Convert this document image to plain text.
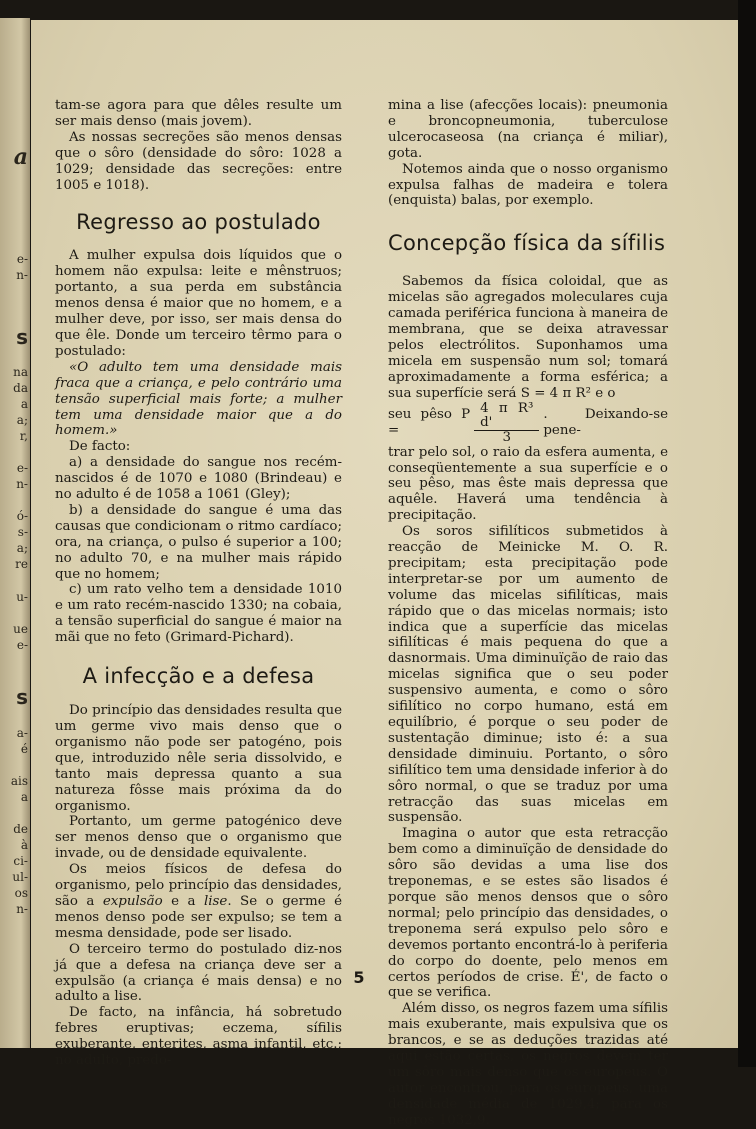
a
e-
n-
s
na
da
a
a;
r,
e-
n-
ó-
s-
a;
re
u-
ue
e-
s
a-
é
ais
a
de
à
ci-
ul-
os
n-

tam-se agora para que dêles resulte um ser mais denso (mais jovem).

As nossas secreções são menos densas que o sôro (densidade do sôro: 1028 a 1029; densidade das secreções: entre 1005 e 1018).

Regresso ao postulado

A mulher expulsa dois líquidos que o homem não expulsa: leite e mênstruos; portanto, a sua perda em substância menos densa é maior que no homem, e a mulher deve, por isso, ser mais densa do que êle. Donde um terceiro têrmo para o postulado:

«O adulto tem uma densidade mais fraca que a criança, e pelo contrário uma tensão superficial mais forte; a mulher tem uma densidade maior que a do homem.»

De facto:

a) a densidade do sangue nos recém-nascidos é de 1070 e 1080 (Brindeau) e no adulto é de 1058 a 1061 (Gley);

b) a densidade do sangue é uma das causas que condicionam o ritmo cardíaco; ora, na criança, o pulso é superior a 100; no adulto 70, e na mulher mais rápido que no homem;

c) um rato velho tem a densidade 1010 e um rato recém-nascido 1330; na cobaia, a tensão superficial do sangue é maior na mãi que no feto (Grimard-Pichard).

A infecção e a defesa

Do princípio das densidades resulta que um germe vivo mais denso que o organismo não pode ser patogéno, pois que, introduzido nêle seria dissolvido, e tanto mais depressa quanto a sua natureza fôsse mais próxima da do organismo.

Portanto, um germe patogénico deve ser menos denso que o organismo que invade, ou de densidade equivalente.

Os meios físicos de defesa do organismo, pelo princípio das densidades, são a expulsão e a lise. Se o germe é menos denso pode ser expulso; se tem a mesma densidade, pode ser lisado.

O terceiro termo do postulado diz-nos já que a defesa na criança deve ser a expulsão (a criança é mais densa) e no adulto a lise.

De facto, na infância, há sobretudo febres eruptivas; eczema, sífilis exuberante, enterites, asma infantil, etc.; no adulto, predo-

mina a lise (afecções locais): pneumonia e broncopneumonia, tuberculose ulcerocaseosa (na criança é miliar), gota.

Notemos ainda que o nosso organismo expulsa falhas de madeira e tolera (enquista) balas, por exemplo.

Concepção física da sífilis

Sabemos da física coloidal, que as micelas são agregados moleculares cuja camada periférica funciona à maneira de membrana, que se deixa atravessar pelos electrólitos. Suponhamos uma micela em suspensão num sol; tomará aproximadamente a forma esférica; a sua superfície será S = 4 π R² e o

seu pêso P =	$\frac{\text{4 π R³ d'}}{3}$ . Deixando-se pene-

trar pelo sol, o raio da esfera aumenta, e conseqüentemente a sua superfície e o seu pêso, mas êste mais depressa que aquêle. Haverá uma tendência à precipitação.

Os soros sifilíticos submetidos à reacção de Meinicke M. O. R. precipitam; esta precipitação pode interpretar-se por um aumento de volume das micelas sifilíticas, mais rápido que o das micelas normais; isto indica que a superfície das micelas sifilíticas é mais pequena do que a dasnormais. Uma diminuïção de raio das micelas significa que o seu poder suspensivo aumenta, e como o sôro sifilítico no corpo humano, está em equilíbrio, é porque o seu poder de sustentação diminue; isto é: a sua densidade diminuiu. Portanto, o sôro sifilítico tem uma densidade inferior à do sôro normal, o que se traduz por uma retracção das suas micelas em suspensão.

Imagina o autor que esta retracção bem como a diminuïção de densidade do sôro são devidas a uma lise dos treponemas, e se estes são lisados é porque são menos densos que o sôro normal; pelo princípio das densidades, o treponema será expulso pelo sôro e devemos portanto encontrá-lo à periferia do corpo do doente, pelo menos em certos períodos de crise. É', de facto o que se verifica.

Além disso, os negros fazem uma sífilis mais exuberante, mais expulsiva que os brancos, e se as deduções trazidas até aqui estão certas, os negros devem ter um sôro mais denso que os europeus. O autor encontrou, para os europeus, uma densidade média de 1029,4; para os negros 1032,9.

5
